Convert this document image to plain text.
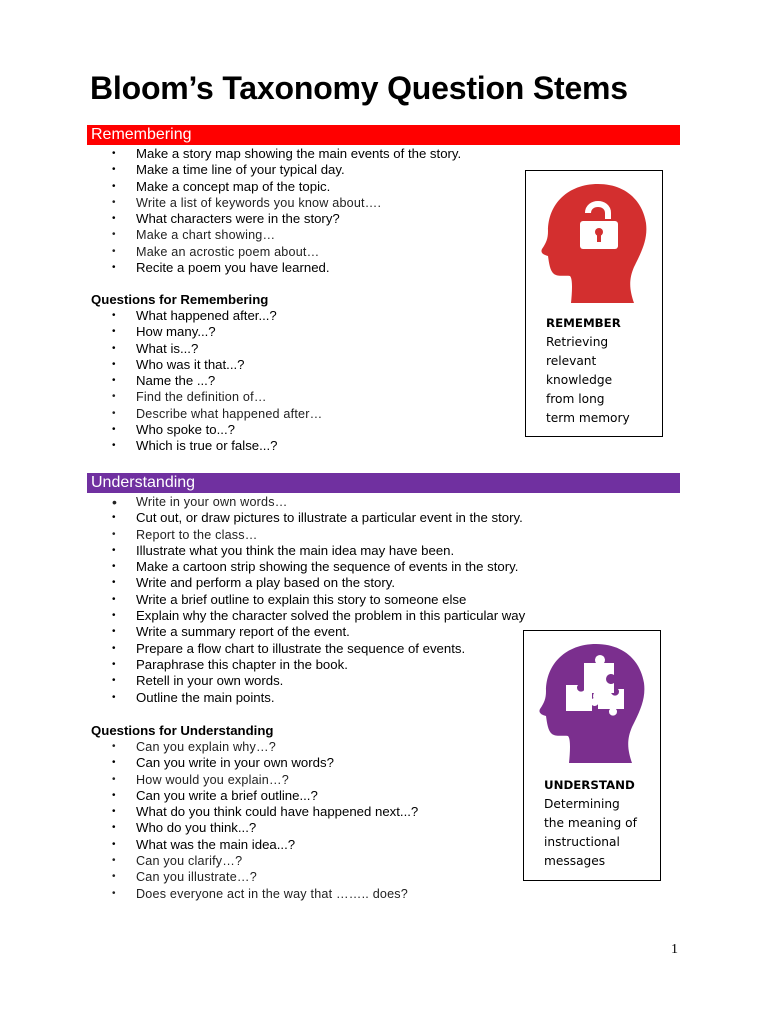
Bloom’s Taxonomy Question Stems
Remembering
• Make a story map showing the main events of the story.
• Make a time line of your typical day.
• Make a concept map of the topic.
• Write a list of keywords you know about….
• What characters were in the story?
• Make a chart showing…
• Make an acrostic poem about…
• Recite a poem you have learned.

Questions for Remembering

• What happened after...?
• How many...?
• What is...?
• Who was it that...?
• Name the ...?
• Find the definition of…
• Describe what happened after…
• Who spoke to...?
• Which is true or false...?
REMEMBER
Retrieving
relevant
knowledge
from long
term memory
Understanding
• Write in your own words…
• Cut out, or draw pictures to illustrate a particular event in the story.
• Report to the class…
• Illustrate what you think the main idea may have been.
• Make a cartoon strip showing the sequence of events in the story.
• Write and perform a play based on the story.
• Write a brief outline to explain this story to someone else
• Explain why the character solved the problem in this particular way
• Write a summary report of the event.
• Prepare a flow chart to illustrate the sequence of events.
• Paraphrase this chapter in the book.
• Retell in your own words.
• Outline the main points.

Questions for Understanding

• Can you explain why…?
• Can you write in your own words?
• How would you explain…?
• Can you write a brief outline...?
• What do you think could have happened next...?
• Who do you think...?
• What was the main idea...?
• Can you clarify…?
• Can you illustrate…?
• Does everyone act in the way that …….. does?
UNDERSTAND
Determining
the meaning of
instructional
messages
1
